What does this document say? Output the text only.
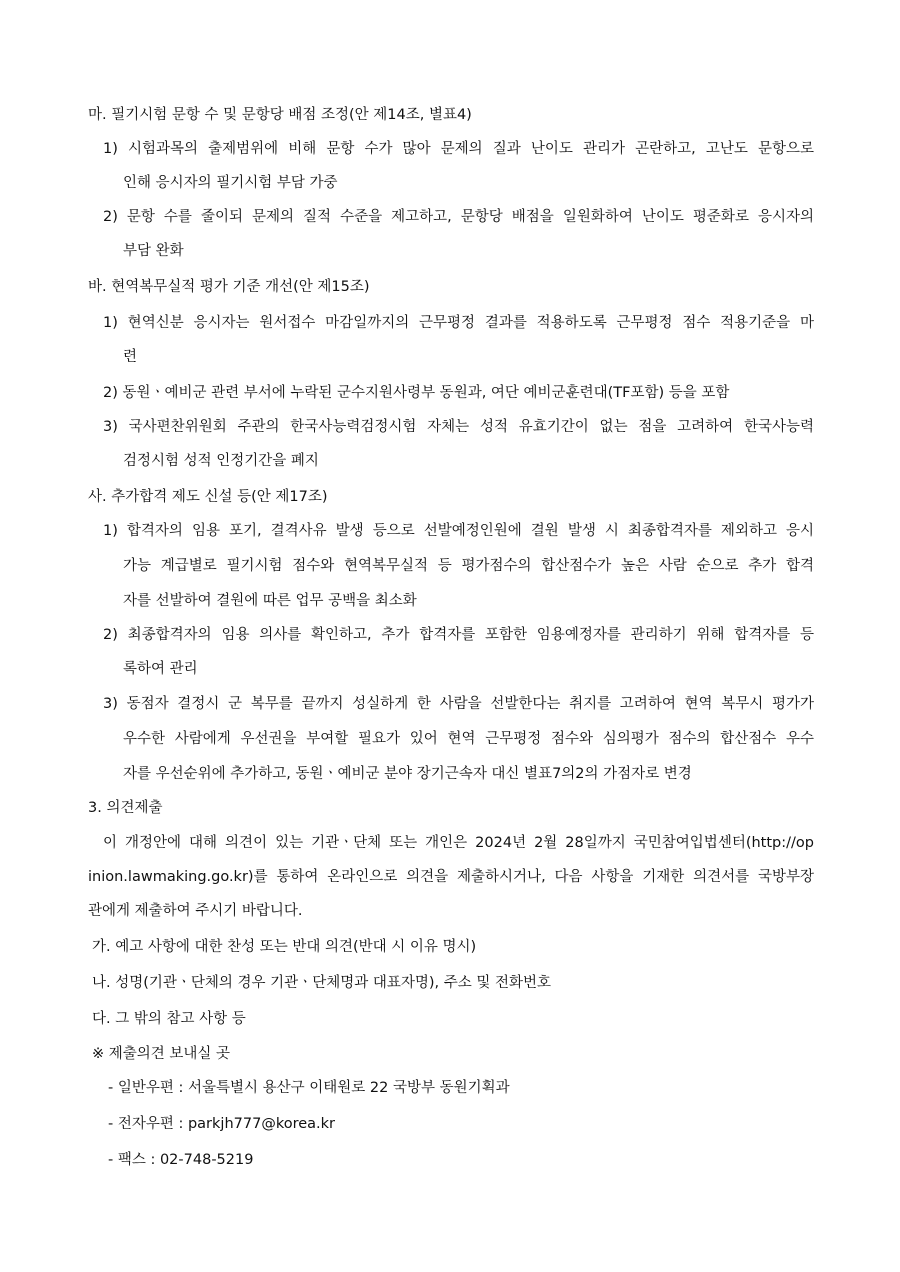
마. 필기시험 문항 수 및 문항당 배점 조정(안 제14조, 별표4)

1) 시험과목의 출제범위에 비해 문항 수가 많아 문제의 질과 난이도 관리가 곤란하고, 고난도 문항으로

인해 응시자의 필기시험 부담 가중

2) 문항 수를 줄이되 문제의 질적 수준을 제고하고, 문항당 배점을 일원화하여 난이도 평준화로 응시자의

부담 완화

바. 현역복무실적 평가 기준 개선(안 제15조)

1) 현역신분 응시자는 원서접수 마감일까지의 근무평정 결과를 적용하도록 근무평정 점수 적용기준을 마

련

2) 동원ㆍ예비군 관련 부서에 누락된 군수지원사령부 동원과, 여단 예비군훈련대(TF포함) 등을 포함

3) 국사편찬위원회 주관의 한국사능력검정시험 자체는 성적 유효기간이 없는 점을 고려하여 한국사능력

검정시험 성적 인정기간을 폐지

사. 추가합격 제도 신설 등(안 제17조)

1) 합격자의 임용 포기, 결격사유 발생 등으로 선발예정인원에 결원 발생 시 최종합격자를 제외하고 응시

가능 계급별로 필기시험 점수와 현역복무실적 등 평가점수의 합산점수가 높은 사람 순으로 추가 합격

자를 선발하여 결원에 따른 업무 공백을 최소화

2) 최종합격자의 임용 의사를 확인하고, 추가 합격자를 포함한 임용예정자를 관리하기 위해 합격자를 등

록하여 관리

3) 동점자 결정시 군 복무를 끝까지 성실하게 한 사람을 선발한다는 취지를 고려하여 현역 복무시 평가가

우수한 사람에게 우선권을 부여할 필요가 있어 현역 근무평정 점수와 심의평가 점수의 합산점수 우수

자를 우선순위에 추가하고, 동원ㆍ예비군 분야 장기근속자 대신 별표7의2의 가점자로 변경

3. 의견제출

이 개정안에 대해 의견이 있는 기관ㆍ단체 또는 개인은 2024년 2월 28일까지 국민참여입법센터(http://op

inion.lawmaking.go.kr)를 통하여 온라인으로 의견을 제출하시거나, 다음 사항을 기재한 의견서를 국방부장

관에게 제출하여 주시기 바랍니다.

가. 예고 사항에 대한 찬성 또는 반대 의견(반대 시 이유 명시)

나. 성명(기관ㆍ단체의 경우 기관ㆍ단체명과 대표자명), 주소 및 전화번호

다. 그 밖의 참고 사항 등

※ 제출의견 보내실 곳

- 일반우편 : 서울특별시 용산구 이태원로 22 국방부 동원기획과

- 전자우편 : parkjh777@korea.kr

- 팩스 : 02-748-5219
